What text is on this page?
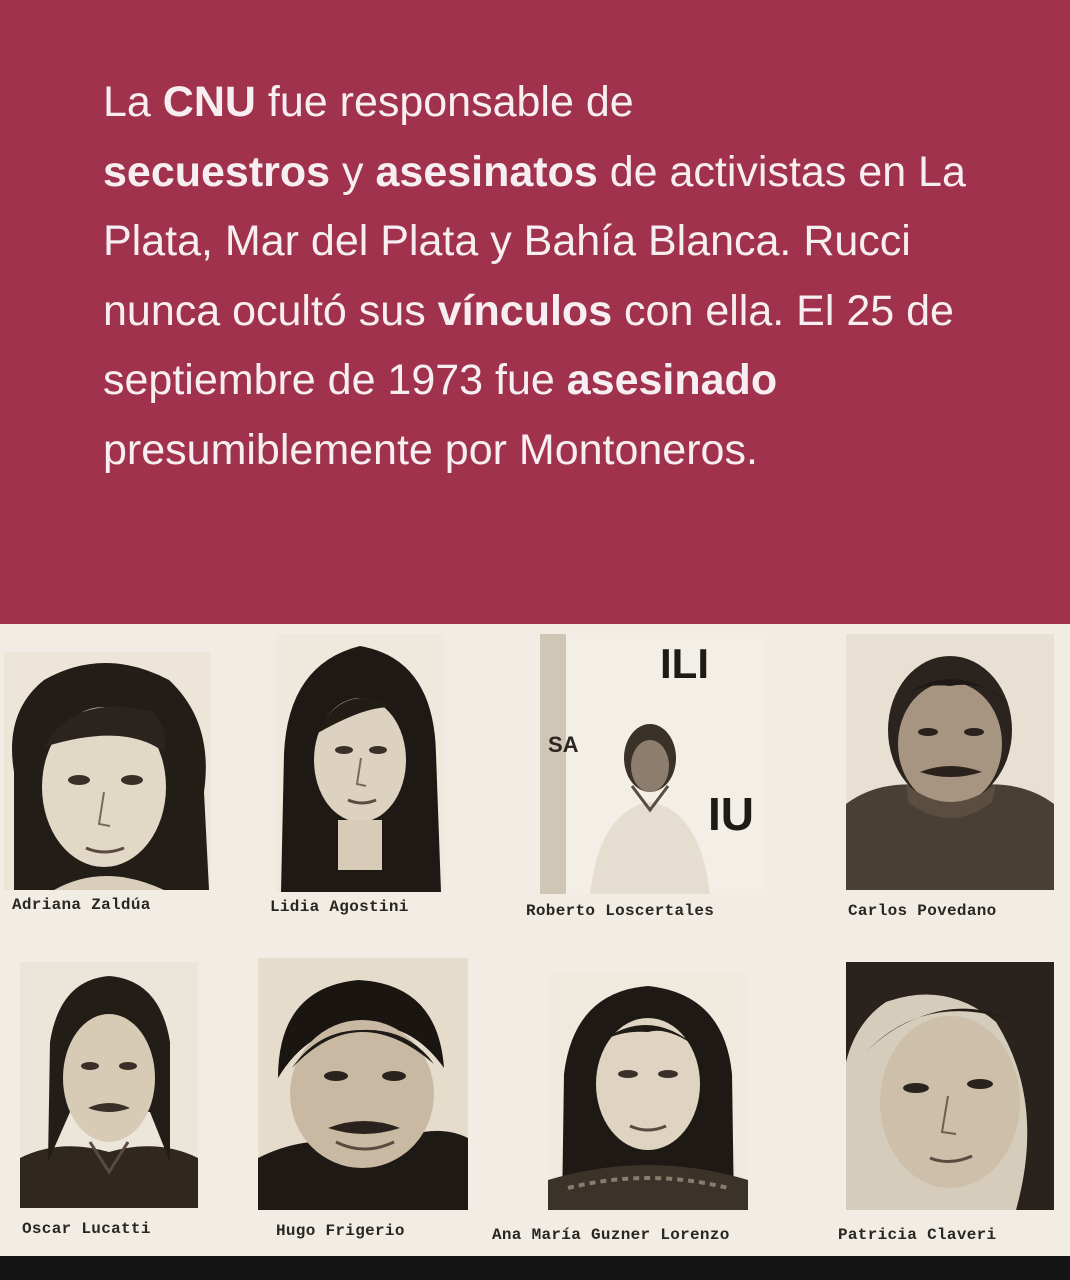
La CNU fue responsable de
secuestros y asesinatos de activistas en La Plata, Mar del Plata y Bahía Blanca. Rucci nunca ocultó sus vínculos con ella. El 25 de septiembre de 1973 fue asesinado presumiblemente por Montoneros.

Adriana Zaldúa	Lidia Agostini
ILI
SA
IU
Roberto Loscertales	Carlos Povedano
Oscar Lucatti	Hugo Frigerio	Ana María Guzner Lorenzo	Patricia Claveri
